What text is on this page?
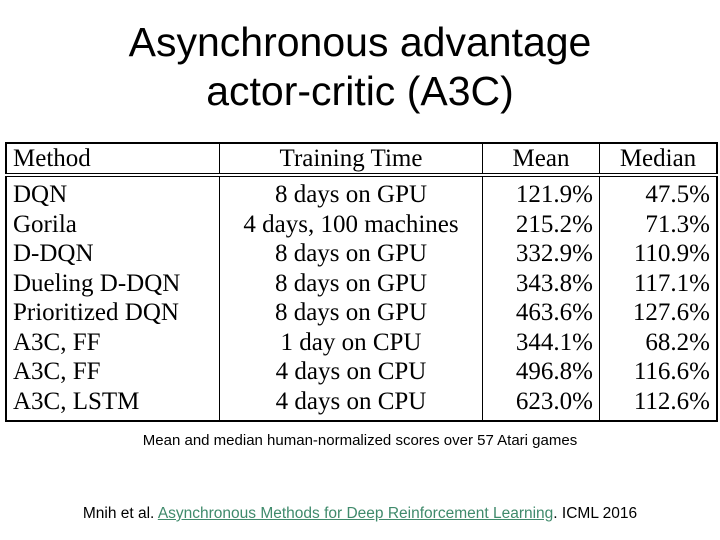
Asynchronous advantage
actor-critic (A3C)
Method	Training Time	Mean	Median
DQN	8 days on GPU	121.9%	47.5%
Gorila	4 days, 100 machines	215.2%	71.3%
D-DQN	8 days on GPU	332.9%	110.9%
Dueling D-DQN	8 days on GPU	343.8%	117.1%
Prioritized DQN	8 days on GPU	463.6%	127.6%
A3C, FF	1 day on CPU	344.1%	68.2%
A3C, FF	4 days on CPU	496.8%	116.6%
A3C, LSTM	4 days on CPU	623.0%	112.6%
Mean and median human-normalized scores over 57 Atari games
Mnih et al. Asynchronous Methods for Deep Reinforcement Learning. ICML 2016
